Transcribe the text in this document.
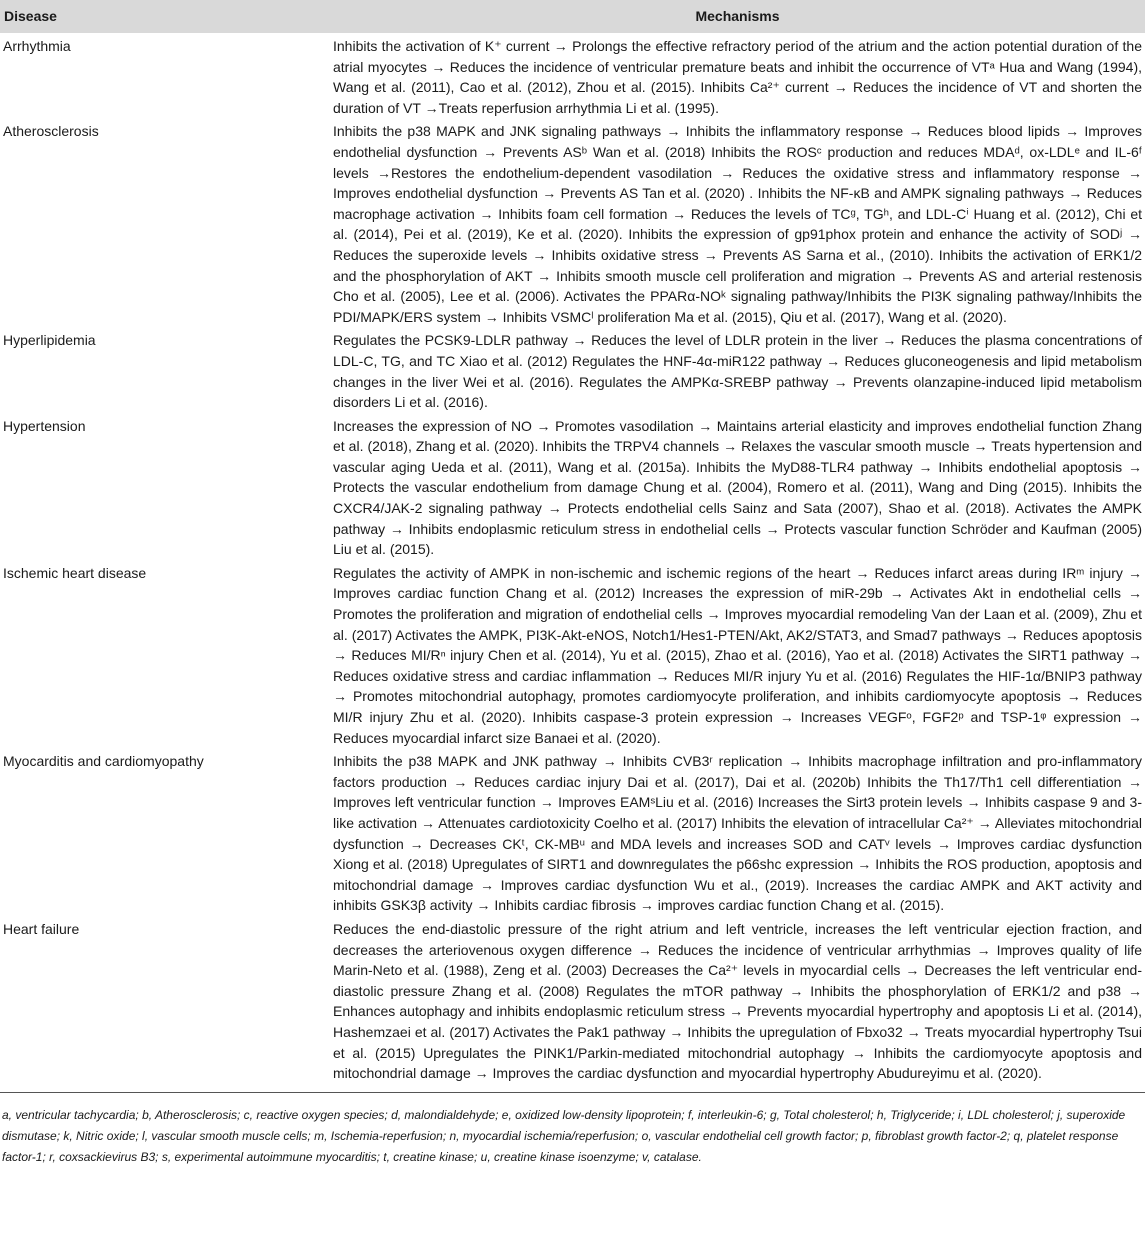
Disease	Mechanisms
Arrhythmia	Inhibits the activation of K⁺ current → Prolongs the effective refractory period of the atrium and the action potential duration of the atrial myocytes → Reduces the incidence of ventricular premature beats and inhibit the occurrence of VTᵃ Hua and Wang (1994), Wang et al. (2011), Cao et al. (2012), Zhou et al. (2015). Inhibits Ca²⁺ current → Reduces the incidence of VT and shorten the duration of VT →Treats reperfusion arrhythmia Li et al. (1995).
Atherosclerosis	Inhibits the p38 MAPK and JNK signaling pathways → Inhibits the inflammatory response → Reduces blood lipids → Improves endothelial dysfunction → Prevents ASᵇ Wan et al. (2018) Inhibits the ROSᶜ production and reduces MDAᵈ, ox-LDLᵉ and IL-6ᶠ levels →Restores the endothelium-dependent vasodilation → Reduces the oxidative stress and inflammatory response → Improves endothelial dysfunction → Prevents AS Tan et al. (2020) . Inhibits the NF-κB and AMPK signaling pathways → Reduces macrophage activation → Inhibits foam cell formation → Reduces the levels of TCᵍ, TGʰ, and LDL-Cⁱ Huang et al. (2012), Chi et al. (2014), Pei et al. (2019), Ke et al. (2020). Inhibits the expression of gp91phox protein and enhance the activity of SODʲ → Reduces the superoxide levels → Inhibits oxidative stress → Prevents AS Sarna et al., (2010). Inhibits the activation of ERK1/2 and the phosphorylation of AKT → Inhibits smooth muscle cell proliferation and migration → Prevents AS and arterial restenosis Cho et al. (2005), Lee et al. (2006). Activates the PPARα-NOᵏ signaling pathway/Inhibits the PI3K signaling pathway/Inhibits the PDI/MAPK/ERS system → Inhibits VSMCˡ proliferation Ma et al. (2015), Qiu et al. (2017), Wang et al. (2020).
Hyperlipidemia	Regulates the PCSK9-LDLR pathway → Reduces the level of LDLR protein in the liver → Reduces the plasma concentrations of LDL-C, TG, and TC Xiao et al. (2012) Regulates the HNF-4α-miR122 pathway → Reduces gluconeogenesis and lipid metabolism changes in the liver Wei et al. (2016). Regulates the AMPKα-SREBP pathway → Prevents olanzapine-induced lipid metabolism disorders Li et al. (2016).
Hypertension	Increases the expression of NO → Promotes vasodilation → Maintains arterial elasticity and improves endothelial function Zhang et al. (2018), Zhang et al. (2020). Inhibits the TRPV4 channels → Relaxes the vascular smooth muscle → Treats hypertension and vascular aging Ueda et al. (2011), Wang et al. (2015a). Inhibits the MyD88-TLR4 pathway → Inhibits endothelial apoptosis → Protects the vascular endothelium from damage Chung et al. (2004), Romero et al. (2011), Wang and Ding (2015). Inhibits the CXCR4/JAK-2 signaling pathway → Protects endothelial cells Sainz and Sata (2007), Shao et al. (2018). Activates the AMPK pathway → Inhibits endoplasmic reticulum stress in endothelial cells → Protects vascular function Schröder and Kaufman (2005) Liu et al. (2015).
Ischemic heart disease	Regulates the activity of AMPK in non-ischemic and ischemic regions of the heart → Reduces infarct areas during IRᵐ injury → Improves cardiac function Chang et al. (2012) Increases the expression of miR-29b → Activates Akt in endothelial cells → Promotes the proliferation and migration of endothelial cells → Improves myocardial remodeling Van der Laan et al. (2009), Zhu et al. (2017) Activates the AMPK, PI3K-Akt-eNOS, Notch1/Hes1-PTEN/Akt, AK2/STAT3, and Smad7 pathways → Reduces apoptosis → Reduces MI/Rⁿ injury Chen et al. (2014), Yu et al. (2015), Zhao et al. (2016), Yao et al. (2018) Activates the SIRT1 pathway → Reduces oxidative stress and cardiac inflammation → Reduces MI/R injury Yu et al. (2016) Regulates the HIF-1α/BNIP3 pathway → Promotes mitochondrial autophagy, promotes cardiomyocyte proliferation, and inhibits cardiomyocyte apoptosis → Reduces MI/R injury Zhu et al. (2020). Inhibits caspase-3 protein expression → Increases VEGFᵒ, FGF2ᵖ and TSP-1ᵠ expression → Reduces myocardial infarct size Banaei et al. (2020).
Myocarditis and cardiomyopathy	Inhibits the p38 MAPK and JNK pathway → Inhibits CVB3ʳ replication → Inhibits macrophage infiltration and pro-inflammatory factors production → Reduces cardiac injury Dai et al. (2017), Dai et al. (2020b) Inhibits the Th17/Th1 cell differentiation → Improves left ventricular function → Improves EAMˢLiu et al. (2016) Increases the Sirt3 protein levels → Inhibits caspase 9 and 3-like activation → Attenuates cardiotoxicity Coelho et al. (2017) Inhibits the elevation of intracellular Ca²⁺ → Alleviates mitochondrial dysfunction → Decreases CKᵗ, CK-MBᵘ and MDA levels and increases SOD and CATᵛ levels → Improves cardiac dysfunction Xiong et al. (2018) Upregulates of SIRT1 and downregulates the p66shc expression → Inhibits the ROS production, apoptosis and mitochondrial damage → Improves cardiac dysfunction Wu et al., (2019). Increases the cardiac AMPK and AKT activity and inhibits GSK3β activity → Inhibits cardiac fibrosis → improves cardiac function Chang et al. (2015).
Heart failure	Reduces the end-diastolic pressure of the right atrium and left ventricle, increases the left ventricular ejection fraction, and decreases the arteriovenous oxygen difference → Reduces the incidence of ventricular arrhythmias → Improves quality of life Marin-Neto et al. (1988), Zeng et al. (2003) Decreases the Ca²⁺ levels in myocardial cells → Decreases the left ventricular end-diastolic pressure Zhang et al. (2008) Regulates the mTOR pathway → Inhibits the phosphorylation of ERK1/2 and p38 → Enhances autophagy and inhibits endoplasmic reticulum stress → Prevents myocardial hypertrophy and apoptosis Li et al. (2014), Hashemzaei et al. (2017) Activates the Pak1 pathway → Inhibits the upregulation of Fbxo32 → Treats myocardial hypertrophy Tsui et al. (2015) Upregulates the PINK1/Parkin-mediated mitochondrial autophagy → Inhibits the cardiomyocyte apoptosis and mitochondrial damage → Improves the cardiac dysfunction and myocardial hypertrophy Abudureyimu et al. (2020).
a, ventricular tachycardia; b, Atherosclerosis; c, reactive oxygen species; d, malondialdehyde; e, oxidized low-density lipoprotein; f, interleukin-6; g, Total cholesterol; h, Triglyceride; i, LDL cholesterol; j, superoxide dismutase; k, Nitric oxide; l, vascular smooth muscle cells; m, Ischemia-reperfusion; n, myocardial ischemia/reperfusion; o, vascular endothelial cell growth factor; p, fibroblast growth factor-2; q, platelet response factor-1; r, coxsackievirus B3; s, experimental autoimmune myocarditis; t, creatine kinase; u, creatine kinase isoenzyme; v, catalase.
